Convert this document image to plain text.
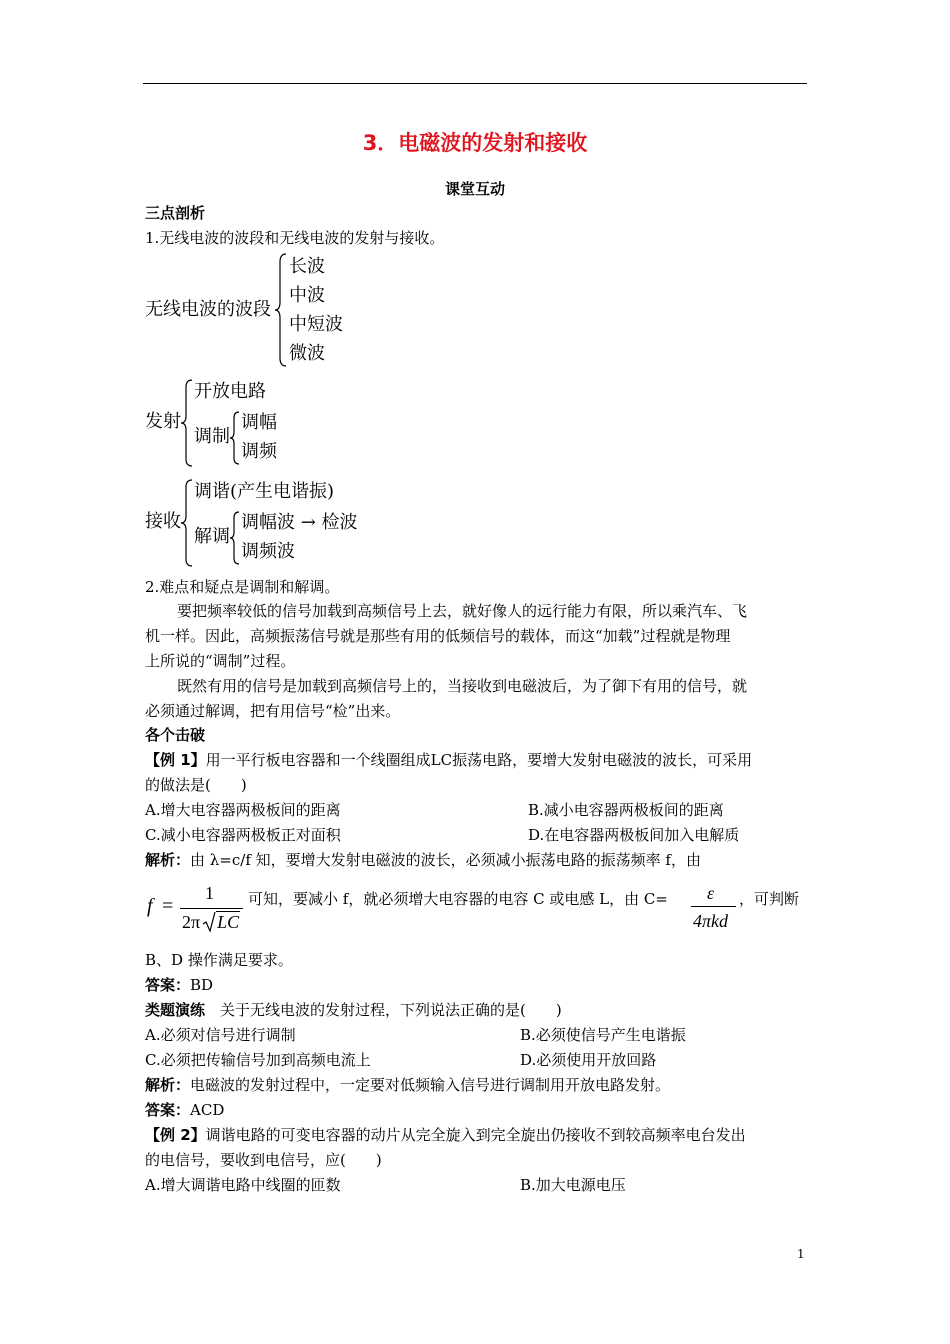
3．电磁波的发射和接收
课堂互动
三点剖析
1.无线电波的波段和无线电波的发射与接收。
无线电波的波段
长波
中波
中短波
微波
发射
开放电路
调制
调幅
调频
接收
调谐(产生电谐振)
解调
调幅波 → 检波
调频波
2.难点和疑点是调制和解调。
要把频率较低的信号加载到高频信号上去，就好像人的远行能力有限，所以乘汽车、飞
机一样。因此，高频振荡信号就是那些有用的低频信号的载体，而这“加载”过程就是物理
上所说的“调制”过程。
既然有用的信号是加载到高频信号上的，当接收到电磁波后，为了御下有用的信号，就
必须通过解调，把有用信号“检”出来。
各个击破
【例 1】用一平行板电容器和一个线圈组成LC振荡电路，要增大发射电磁波的波长，可采用
的做法是(　　)
A.增大电容器两极板间的距离	B.减小电容器两极板间的距离
C.减小电容器两极板正对面积	D.在电容器两极板间加入电解质
解析：由 λ=c/f 知，要增大发射电磁波的波长，必须减小振荡电路的振荡频率 f，由
f =
1
2π LC
可知，要减小 f，就必须增大电容器的电容 C 或电感 L，由 C= ε
4πkd
，可判断
B、D 操作满足要求。
答案：BD
类题演练　关于无线电波的发射过程，下列说法正确的是(　　)
A.必须对信号进行调制	B.必须使信号产生电谐振
C.必须把传输信号加到高频电流上	D.必须使用开放回路
解析：电磁波的发射过程中，一定要对低频输入信号进行调制用开放电路发射。
答案：ACD
【例 2】调谐电路的可变电容器的动片从完全旋入到完全旋出仍接收不到较高频率电台发出
的电信号，要收到电信号，应(　　)
A.增大调谐电路中线圈的匝数	B.加大电源电压
1
